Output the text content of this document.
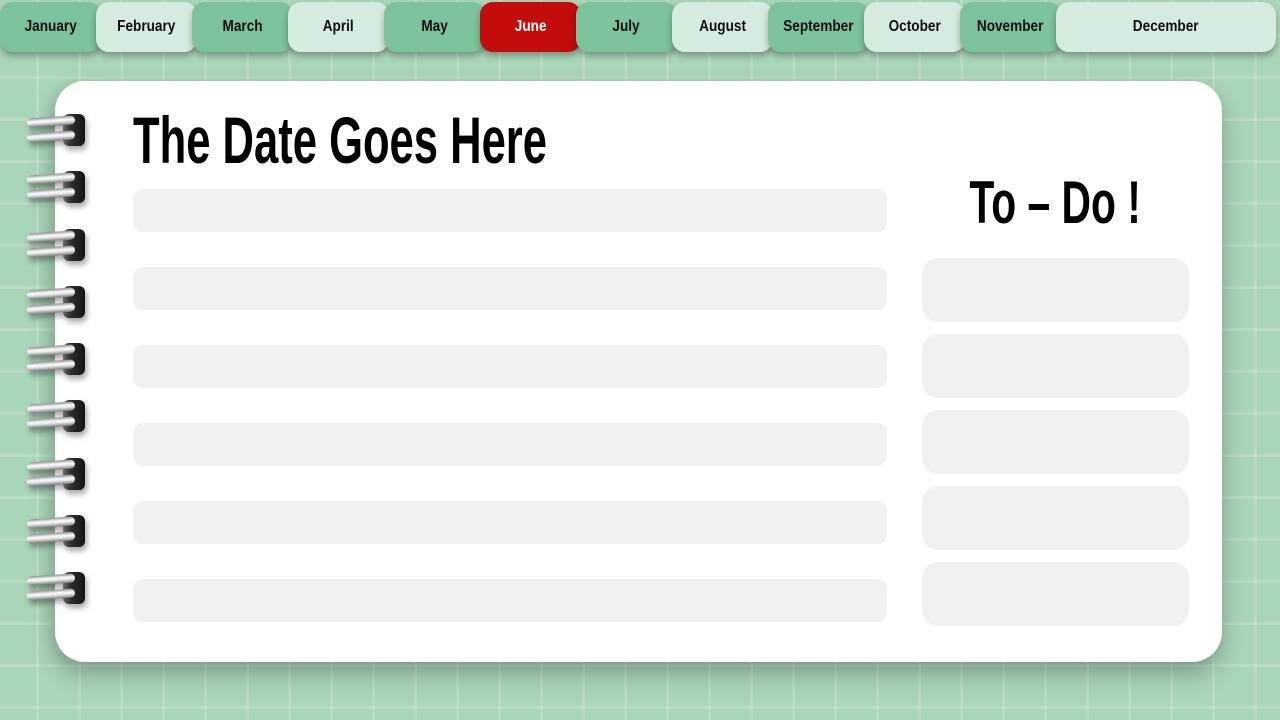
January	February	March	April	May	June	July	August September October November	December
The Date Goes Here
To – Do !
